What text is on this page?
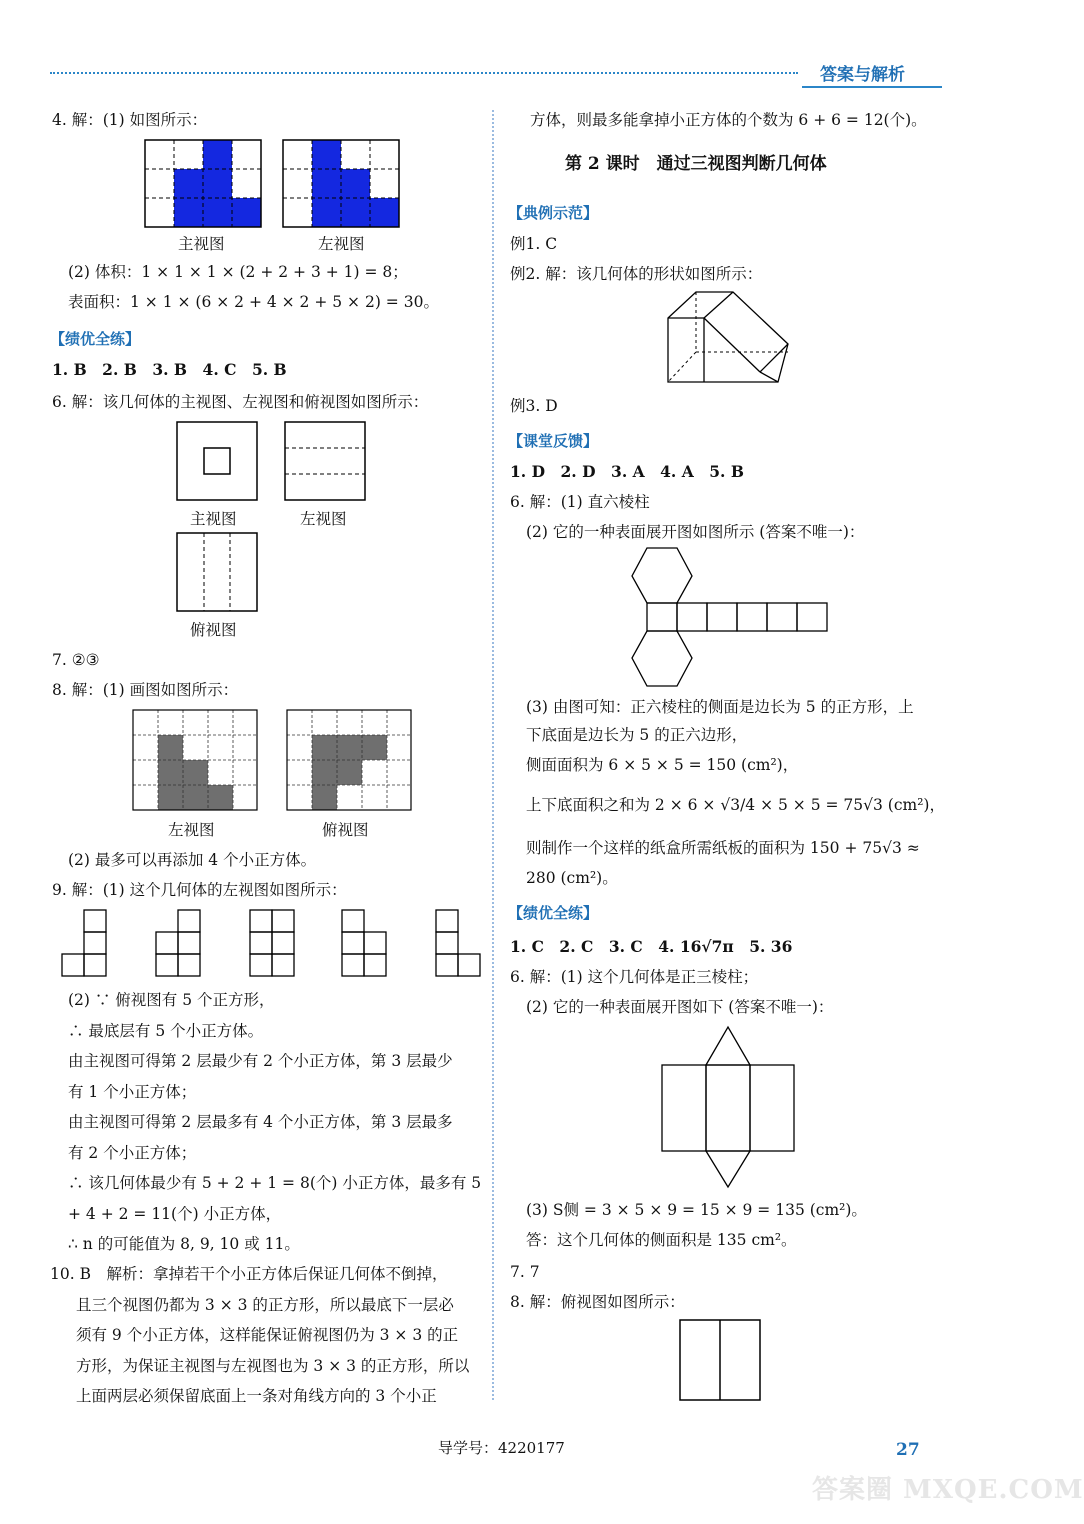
答案与解析
4. 解：(1) 如图所示：
主视图	左视图
(2) 体积：1 × 1 × 1 × (2 + 2 + 3 + 1) = 8；
表面积：1 × 1 × (6 × 2 + 4 × 2 + 5 × 2) = 30。
【绩优全练】
1. B　2. B　3. B　4. C　5. B
6. 解：该几何体的主视图、左视图和俯视图如图所示：
主视图	左视图
俯视图
7. ②③
8. 解：(1) 画图如图所示：
左视图	俯视图
(2) 最多可以再添加 4 个小正方体。
9. 解：(1) 这个几何体的左视图如图所示：
(2) ∵ 俯视图有 5 个正方形，
∴ 最底层有 5 个小正方体。
由主视图可得第 2 层最少有 2 个小正方体，第 3 层最少
有 1 个小正方体；
由主视图可得第 2 层最多有 4 个小正方体，第 3 层最多
有 2 个小正方体；
∴ 该几何体最少有 5 + 2 + 1 = 8(个) 小正方体，最多有 5
+ 4 + 2 = 11(个) 小正方体，
∴ n 的可能值为 8, 9, 10 或 11。
10. B　解析：拿掉若干个小正方体后保证几何体不倒掉，
且三个视图仍都为 3 × 3 的正方形，所以最底下一层必
须有 9 个小正方体，这样能保证俯视图仍为 3 × 3 的正
方形，为保证主视图与左视图也为 3 × 3 的正方形，所以
上面两层必须保留底面上一条对角线方向的 3 个小正
方体，则最多能拿掉小正方体的个数为 6 + 6 = 12(个)。
第 2 课时　通过三视图判断几何体
【典例示范】
例1. C
例2. 解：该几何体的形状如图所示：
例3. D
【课堂反馈】
1. D　2. D　3. A　4. A　5. B
6. 解：(1) 直六棱柱
(2) 它的一种表面展开图如图所示 (答案不唯一)：
(3) 由图可知：正六棱柱的侧面是边长为 5 的正方形，上
下底面是边长为 5 的正六边形，
侧面面积为 6 × 5 × 5 = 150 (cm²)，
上下底面积之和为 2 × 6 × √3/4 × 5 × 5 = 75√3 (cm²)，
则制作一个这样的纸盒所需纸板的面积为 150 + 75√3 ≈
280 (cm²)。
【绩优全练】
1. C　2. C　3. C　4. 16√7π　5. 36
6. 解：(1) 这个几何体是正三棱柱；
(2) 它的一种表面展开图如下 (答案不唯一)：
(3) S侧 = 3 × 5 × 9 = 15 × 9 = 135 (cm²)。
答：这个几何体的侧面积是 135 cm²。
7. 7
8. 解：俯视图如图所示：
导学号：4220177	27
答案圈 MXQE.COM
